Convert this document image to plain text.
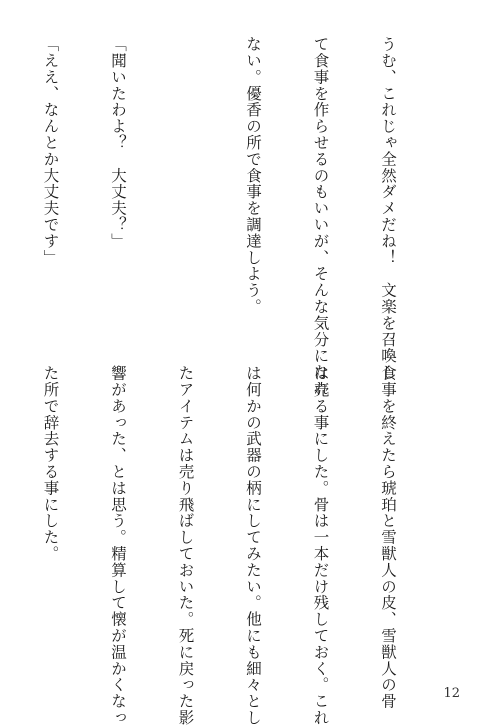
うむ、これじゃ全然ダメだね！　文楽を召喚し

て食事を作らせるのもいいが、そんな気分になれ

ない。優香の所で食事を調達しよう。

「聞いたわよ？　大丈夫？」

「ええ、なんとか大丈夫です」

食事を終えたら琥珀と雪獣人の皮、雪獣人の骨

は売る事にした。骨は一本だけ残しておく。これ

は何かの武器の柄にしてみたい。他にも細々とし

たアイテムは売り飛ばしておいた。死に戻った影

響があった、とは思う。精算して懐が温かくなっ

た所で辞去する事にした。

12
